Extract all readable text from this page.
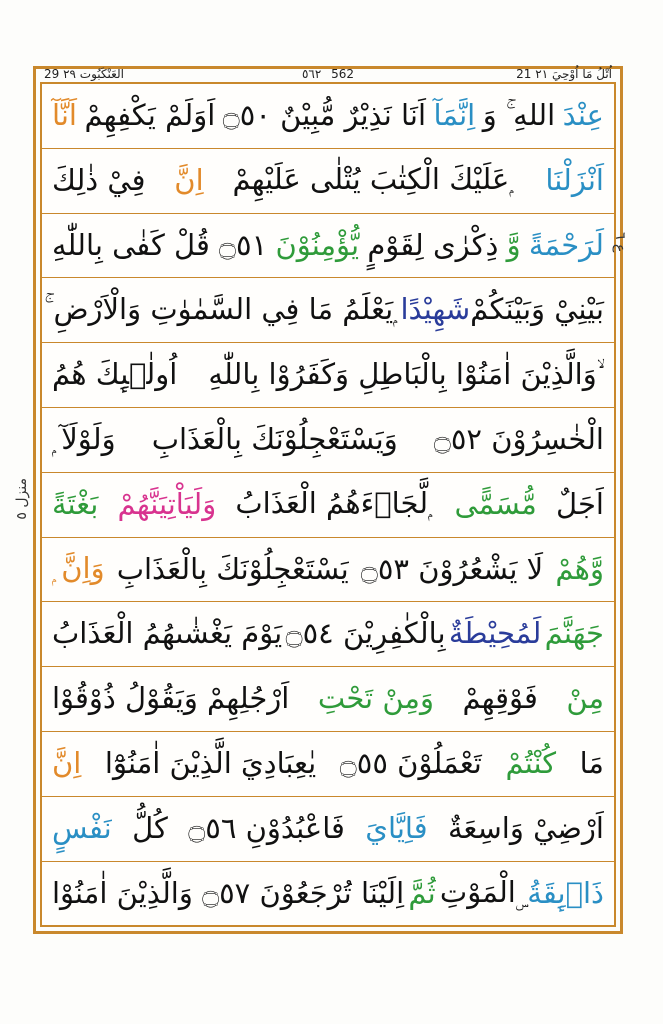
21 اُتْلُ مَا اُوْحِيَ ٢١
٥٦٢ 562
29 العَنْكَبُوت ٢٩
عِنْدَ
اللهِ ۚ وَ
اِنَّمَآ
اَنَا نَذِيْرٌ مُّبِيْنٌ ۝٥٠
اَوَلَمْ يَكْفِهِمْ
اَنَّآ
اَنْزَلْنَا
عَلَيْكَ الْكِتٰبَ يُتْلٰى عَلَيْهِمْ ۭ
اِنَّ
فِيْ ذٰلِكَ
لَرَحْمَةً
وَّ
ذِكْرٰى لِقَوْمٍ
يُّؤْمِنُوْنَ
۝٥١ قُلْ كَفٰى بِاللّٰهِ
بَيْنِيْ وَبَيْنَكُمْ
شَهِيْدًا
ۚ يَعْلَمُ مَا فِي السَّمٰوٰتِ وَالْاَرْضِ ۭ
وَالَّذِيْنَ اٰمَنُوْا بِالْبَاطِلِ وَكَفَرُوْا بِاللّٰهِ ۙ
اُولٰۗىِٕكَ هُمُ
الْخٰسِرُوْنَ ۝٥٢
وَيَسْتَعْجِلُوْنَكَ بِالْعَذَابِ
ۭ وَلَوْلَآ
اَجَلٌ
مُّسَمًّى
لَّجَاۗءَهُمُ الْعَذَابُ ۭ
وَلَيَاْتِيَنَّهُمْ
بَغْتَةً
وَّهُمْ
لَا يَشْعُرُوْنَ ۝٥٣
يَسْتَعْجِلُوْنَكَ بِالْعَذَابِ
ۭ وَاِنَّ
جَهَنَّمَ
لَمُحِيْطَةٌ
بِالْكٰفِرِيْنَ ۝٥٤
يَوْمَ يَغْشٰىهُمُ الْعَذَابُ
مِنْ
فَوْقِهِمْ
وَمِنْ تَحْتِ
اَرْجُلِهِمْ وَيَقُوْلُ ذُوْقُوْا
مَا
كُنْتُمْ
تَعْمَلُوْنَ ۝٥٥
يٰعِبَادِيَ الَّذِيْنَ اٰمَنُوْٓا
اِنَّ
اَرْضِيْ وَاسِعَةٌ
فَاِيَّايَ
فَاعْبُدُوْنِ ۝٥٦
كُلُّ
نَفْسٍ
ذَاۗىِٕقَةُ
الْمَوْتِ ۣ
ثُمَّ
اِلَيْنَا تُرْجَعُوْنَ ۝٥٧ وَالَّذِيْنَ اٰمَنُوْا
ع ٦
منزل ٥
